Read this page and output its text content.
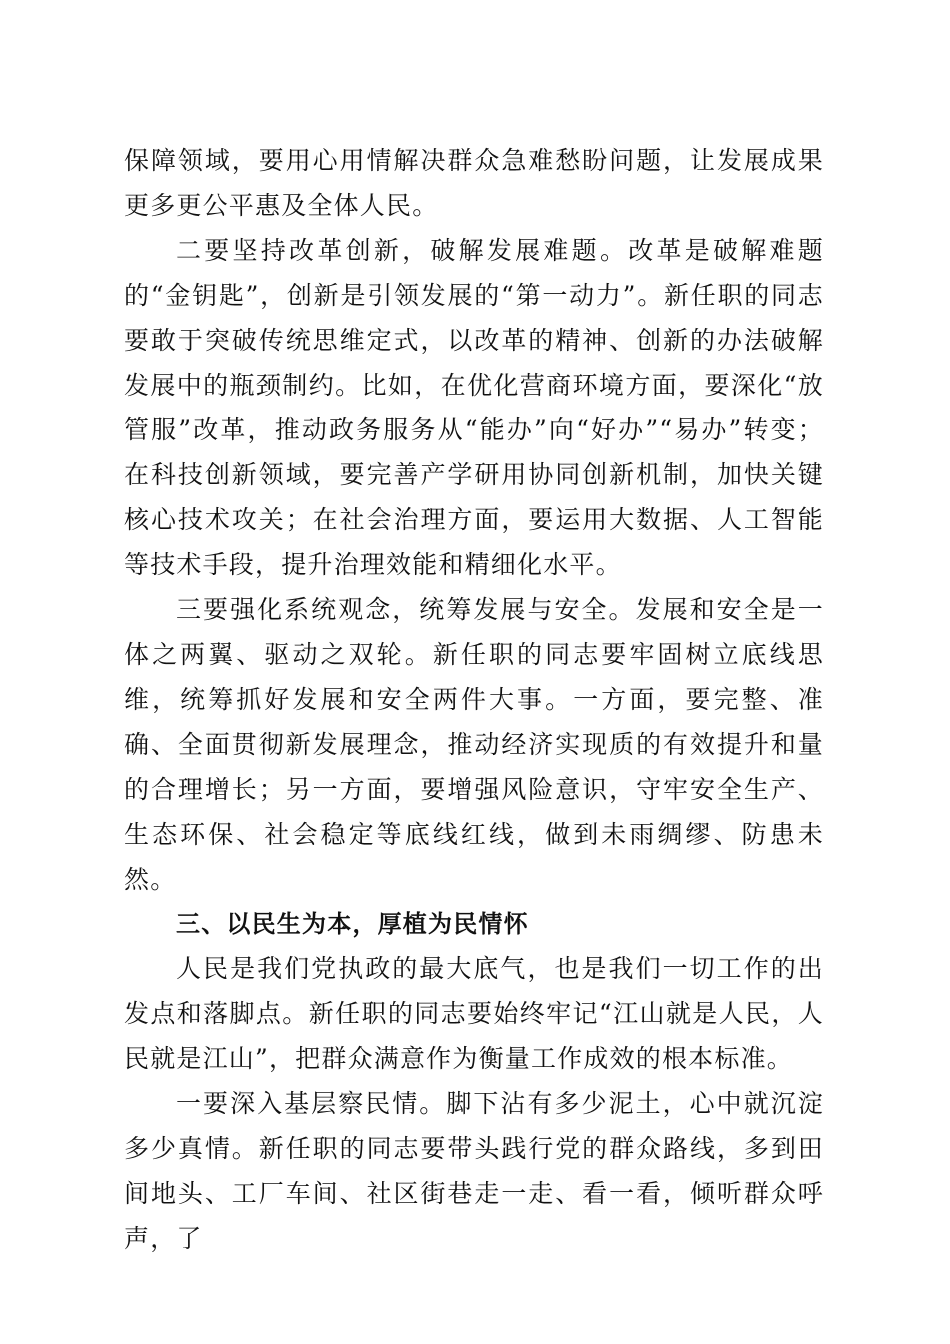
保障领域，要用心用情解决群众急难愁盼问题，让发展成果更多更公平惠及全体人民。

二要坚持改革创新，破解发展难题。改革是破解难题的“金钥匙”，创新是引领发展的“第一动力”。新任职的同志要敢于突破传统思维定式，以改革的精神、创新的办法破解发展中的瓶颈制约。比如，在优化营商环境方面，要深化“放管服”改革，推动政务服务从“能办”向“好办”“易办”转变；在科技创新领域，要完善产学研用协同创新机制，加快关键核心技术攻关；在社会治理方面，要运用大数据、人工智能等技术手段，提升治理效能和精细化水平。

三要强化系统观念，统筹发展与安全。发展和安全是一体之两翼、驱动之双轮。新任职的同志要牢固树立底线思维，统筹抓好发展和安全两件大事。一方面，要完整、准确、全面贯彻新发展理念，推动经济实现质的有效提升和量的合理增长；另一方面，要增强风险意识，守牢安全生产、生态环保、社会稳定等底线红线，做到未雨绸缪、防患未然。

三、以民生为本，厚植为民情怀

人民是我们党执政的最大底气，也是我们一切工作的出发点和落脚点。新任职的同志要始终牢记“江山就是人民，人民就是江山”，把群众满意作为衡量工作成效的根本标准。

一要深入基层察民情。脚下沾有多少泥土，心中就沉淀多少真情。新任职的同志要带头践行党的群众路线，多到田间地头、工厂车间、社区街巷走一走、看一看，倾听群众呼声，了
